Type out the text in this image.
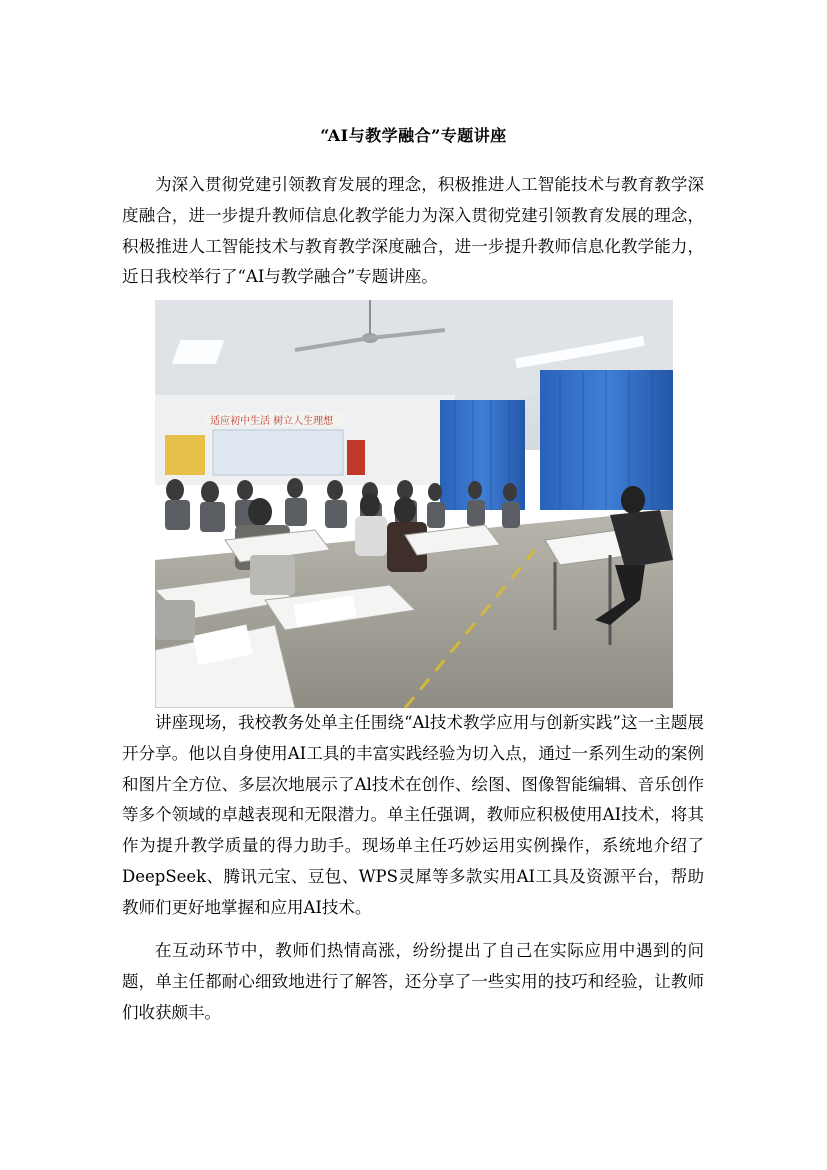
“AI与教学融合”专题讲座

为深入贯彻党建引领教育发展的理念，积极推进人工智能技术与教育教学深度融合，进一步提升教师信息化教学能力为深入贯彻党建引领教育发展的理念，积极推进人工智能技术与教育教学深度融合，进一步提升教师信息化教学能力，近日我校举行了“AI与教学融合”专题讲座。

适应初中生活 树立人生理想

讲座现场，我校教务处单主任围绕“Al技术教学应用与创新实践”这一主题展开分享。他以自身使用AI工具的丰富实践经验为切入点，通过一系列生动的案例和图片全方位、多层次地展示了Al技术在创作、绘图、图像智能编辑、音乐创作等多个领域的卓越表现和无限潜力。单主任强调，教师应积极使用AI技术，将其作为提升教学质量的得力助手。现场单主任巧妙运用实例操作，系统地介绍了DeepSeek、腾讯元宝、豆包、WPS灵犀等多款实用AI工具及资源平台，帮助教师们更好地掌握和应用AI技术。

在互动环节中，教师们热情高涨，纷纷提出了自己在实际应用中遇到的问题，单主任都耐心细致地进行了解答，还分享了一些实用的技巧和经验，让教师们收获颇丰。
